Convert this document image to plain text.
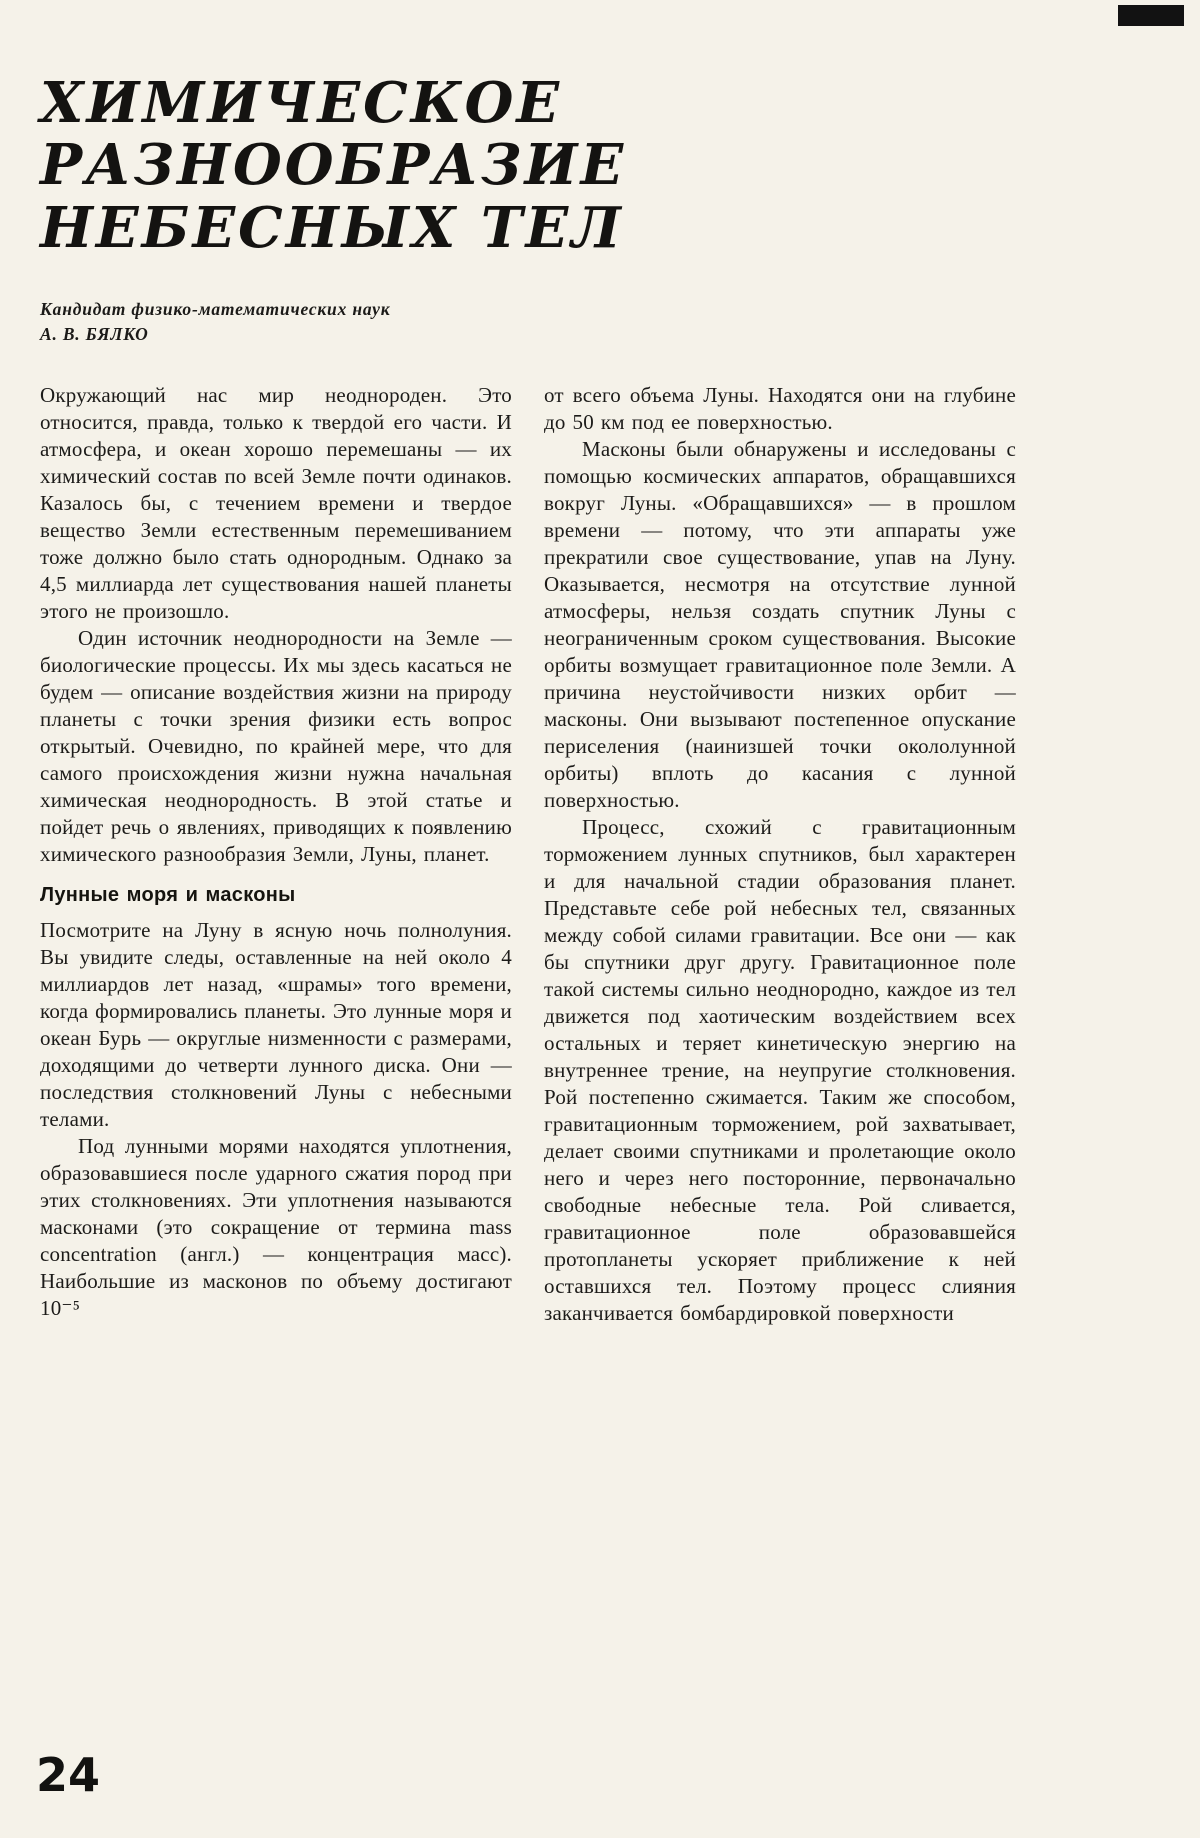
ХИМИЧЕСКОЕ
РАЗНООБРАЗИЕ
НЕБЕСНЫХ ТЕЛ
Кандидат физико-математических наук
А. В. БЯЛКО

Окружающий нас мир неоднороден. Это относится, правда, только к твердой его части. И атмосфера, и океан хорошо перемешаны — их химический состав по всей Земле почти одинаков. Казалось бы, с течением времени и твердое вещество Земли естественным перемешиванием тоже должно было стать однородным. Однако за 4,5 миллиарда лет существования нашей планеты этого не произошло.

Один источник неоднородности на Земле — биологические процессы. Их мы здесь касаться не будем — описание воздействия жизни на природу планеты с точки зрения физики есть вопрос открытый. Очевидно, по крайней мере, что для самого происхождения жизни нужна начальная химическая неоднородность. В этой статье и пойдет речь о явлениях, приводящих к появлению химического разнообразия Земли, Луны, планет.

Лунные моря и масконы

Посмотрите на Луну в ясную ночь полнолуния. Вы увидите следы, оставленные на ней около 4 миллиардов лет назад, «шрамы» того времени, когда формировались планеты. Это лунные моря и океан Бурь — округлые низменности с размерами, доходящими до четверти лунного диска. Они — последствия столкновений Луны с небесными телами.

Под лунными морями находятся уплотнения, образовавшиеся после ударного сжатия пород при этих столкновениях. Эти уплотнения называются масконами (это сокращение от термина mass concentration (англ.) — концентрация масс). Наибольшие из масконов по объему достигают 10⁻⁵

от всего объема Луны. Находятся они на глубине до 50 км под ее поверхностью.

Масконы были обнаружены и исследованы с помощью космических аппаратов, обращавшихся вокруг Луны. «Обращавшихся» — в прошлом времени — потому, что эти аппараты уже прекратили свое существование, упав на Луну. Оказывается, несмотря на отсутствие лунной атмосферы, нельзя создать спутник Луны с неограниченным сроком существования. Высокие орбиты возмущает гравитационное поле Земли. А причина неустойчивости низких орбит — масконы. Они вызывают постепенное опускание периселения (наинизшей точки окололунной орбиты) вплоть до касания с лунной поверхностью.

Процесс, схожий с гравитационным торможением лунных спутников, был характерен и для начальной стадии образования планет. Представьте себе рой небесных тел, связанных между собой силами гравитации. Все они — как бы спутники друг другу. Гравитационное поле такой системы сильно неоднородно, каждое из тел движется под хаотическим воздействием всех остальных и теряет кинетическую энергию на внутреннее трение, на неупругие столкновения. Рой постепенно сжимается. Таким же способом, гравитационным торможением, рой захватывает, делает своими спутниками и пролетающие около него и через него посторонние, первоначально свободные небесные тела. Рой сливается, гравитационное поле образовавшейся протопланеты ускоряет приближение к ней оставшихся тел. Поэтому процесс слияния заканчивается бомбардировкой поверхности

24
